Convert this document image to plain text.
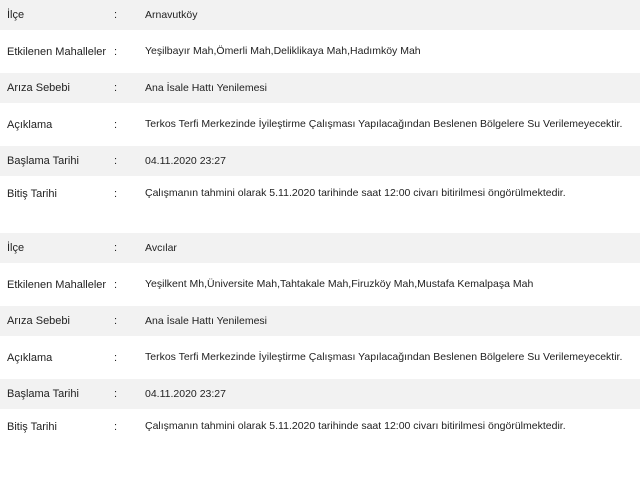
İlçe	:	Arnavutköy
Etkilenen Mahalleler :	Yeşilbayır Mah,Ömerli Mah,Deliklikaya Mah,Hadımköy Mah
Arıza Sebebi	:	Ana İsale Hattı Yenilemesi
Açıklama	:	Terkos Terfi Merkezinde İyileştirme Çalışması Yapılacağından Beslenen Bölgelere Su Verilemeyecektir.
Başlama Tarihi	:	04.11.2020 23:27
Bitiş Tarihi	:	Çalışmanın tahmini olarak 5.11.2020 tarihinde saat 12:00 civarı bitirilmesi öngörülmektedir.
İlçe	:	Avcılar
Etkilenen Mahalleler :	Yeşilkent Mh,Üniversite Mah,Tahtakale Mah,Firuzköy Mah,Mustafa Kemalpaşa Mah
Arıza Sebebi	:	Ana İsale Hattı Yenilemesi
Açıklama	:	Terkos Terfi Merkezinde İyileştirme Çalışması Yapılacağından Beslenen Bölgelere Su Verilemeyecektir.
Başlama Tarihi	:	04.11.2020 23:27
Bitiş Tarihi	:	Çalışmanın tahmini olarak 5.11.2020 tarihinde saat 12:00 civarı bitirilmesi öngörülmektedir.
